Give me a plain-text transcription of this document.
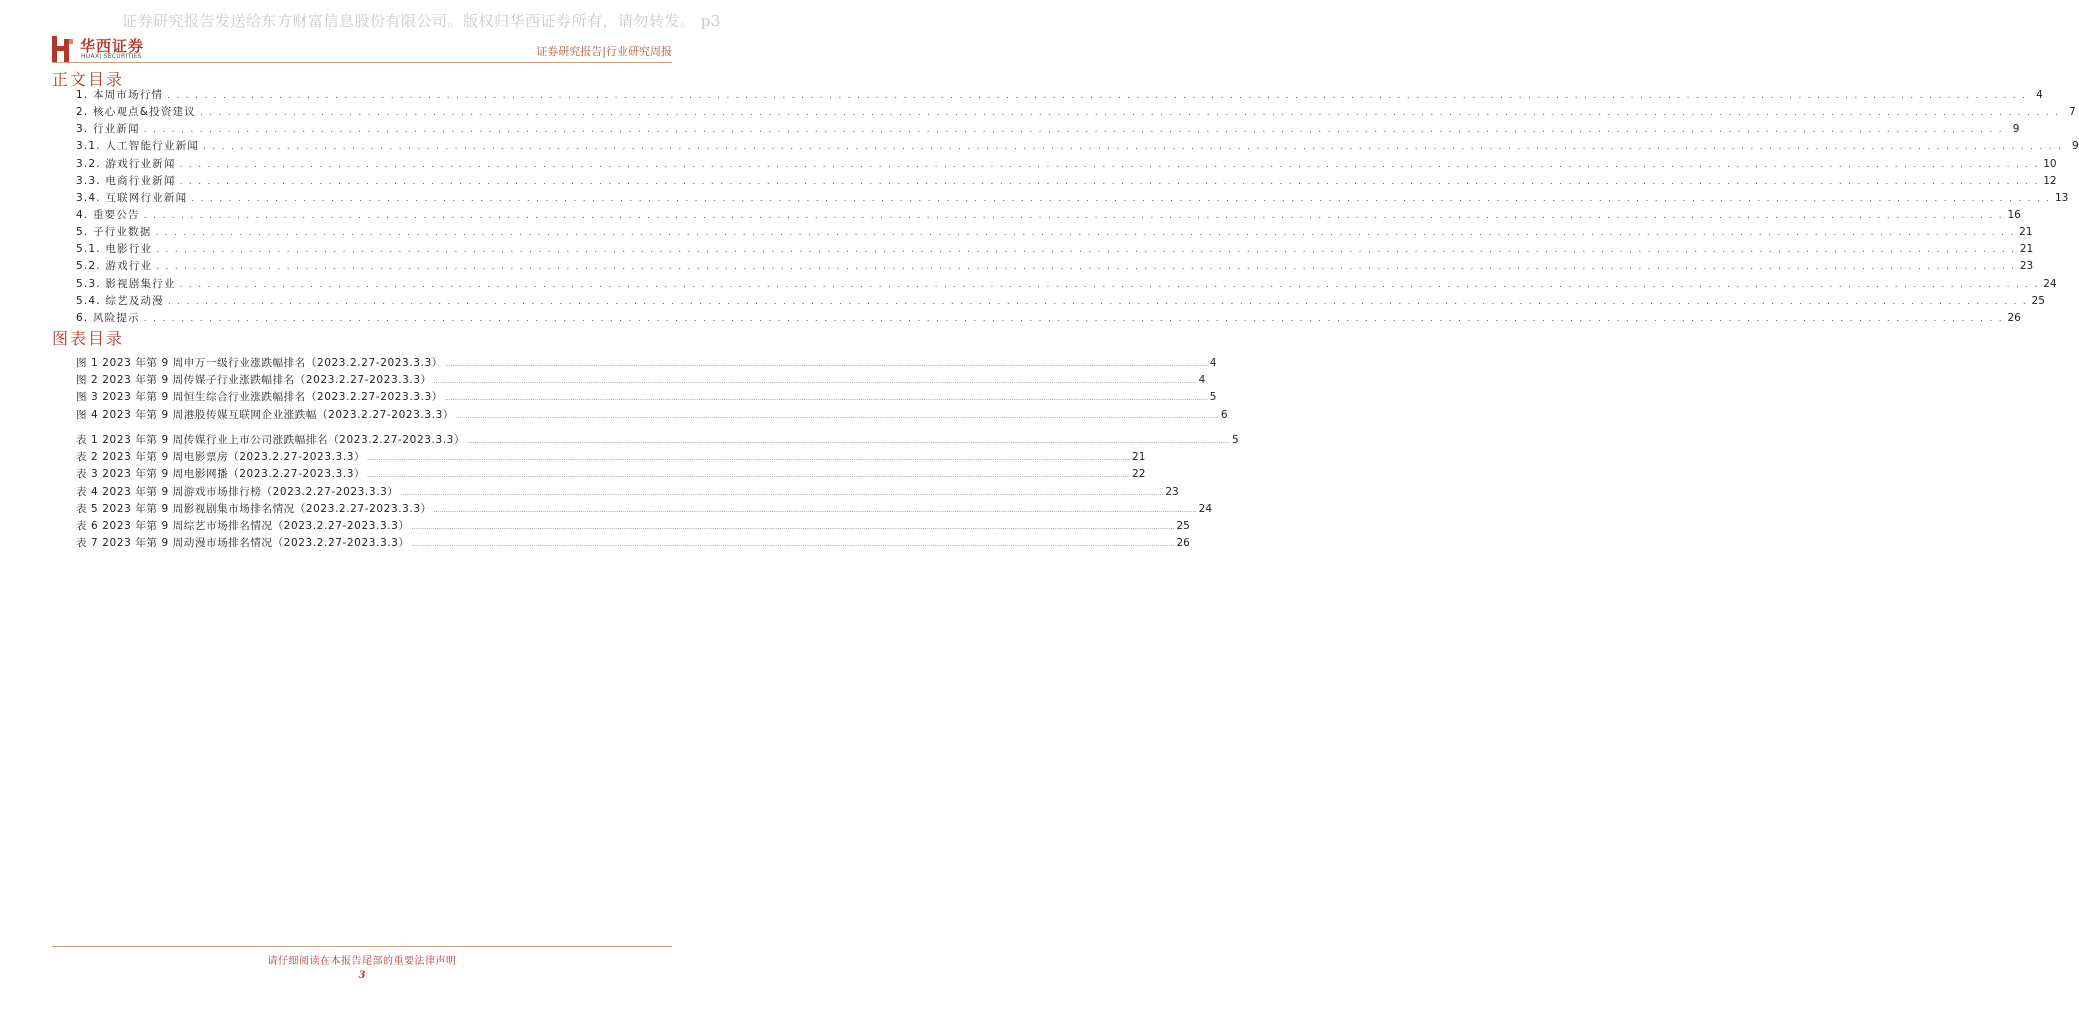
证券研究报告发送给东方财富信息股份有限公司。版权归华西证券所有，请勿转发。 p3
华西证券
HUAXI SECURITIES	证券研究报告|行业研究周报
正文目录
1. 本周市场行情 . . . . . . . . . . . . . . . . . . . . . . . . . . . . . . . . . . . . . . . . . . . . . . . . . . . . . . . . . . . . . . . . . . . . . . . . . . . . . . . . . . . . . . . . . . . . . . . . . . . . . . . . . . . . . . . . . . . . . . . . . . . . . . . . . . . . . . . . . . . . . . . . . . . . . . . . . . . . . . . . . . . . . . . . . . . . . . . . . . . . . . . . . . . . . . . . . . . . . . . . 4
2. 核心观点&投资建议 . . . . . . . . . . . . . . . . . . . . . . . . . . . . . . . . . . . . . . . . . . . . . . . . . . . . . . . . . . . . . . . . . . . . . . . . . . . . . . . . . . . . . . . . . . . . . . . . . . . . . . . . . . . . . . . . . . . . . . . . . . . . . . . . . . . . . . . . . . . . . . . . . . . . . . . . . . . . . . . . . . . . . . . . . . . . . . . . . . . . . . . . . . . . . . . . . . . . . . . . 7
3. 行业新闻 . . . . . . . . . . . . . . . . . . . . . . . . . . . . . . . . . . . . . . . . . . . . . . . . . . . . . . . . . . . . . . . . . . . . . . . . . . . . . . . . . . . . . . . . . . . . . . . . . . . . . . . . . . . . . . . . . . . . . . . . . . . . . . . . . . . . . . . . . . . . . . . . . . . . . . . . . . . . . . . . . . . . . . . . . . . . . . . . . . . . . . . . . . . . . . . . . . . . . . . . 9
3.1. 人工智能行业新闻 . . . . . . . . . . . . . . . . . . . . . . . . . . . . . . . . . . . . . . . . . . . . . . . . . . . . . . . . . . . . . . . . . . . . . . . . . . . . . . . . . . . . . . . . . . . . . . . . . . . . . . . . . . . . . . . . . . . . . . . . . . . . . . . . . . . . . . . . . . . . . . . . . . . . . . . . . . . . . . . . . . . . . . . . . . . . . . . . . . . . . . . . . . . . . . . . . . . . . . . . 9
3.2. 游戏行业新闻 . . . . . . . . . . . . . . . . . . . . . . . . . . . . . . . . . . . . . . . . . . . . . . . . . . . . . . . . . . . . . . . . . . . . . . . . . . . . . . . . . . . . . . . . . . . . . . . . . . . . . . . . . . . . . . . . . . . . . . . . . . . . . . . . . . . . . . . . . . . . . . . . . . . . . . . . . . . . . . . . . . . . . . . . . . . . . . . . . . . . . . . . . . . . . . . . . . . . . . . . 10
3.3. 电商行业新闻 . . . . . . . . . . . . . . . . . . . . . . . . . . . . . . . . . . . . . . . . . . . . . . . . . . . . . . . . . . . . . . . . . . . . . . . . . . . . . . . . . . . . . . . . . . . . . . . . . . . . . . . . . . . . . . . . . . . . . . . . . . . . . . . . . . . . . . . . . . . . . . . . . . . . . . . . . . . . . . . . . . . . . . . . . . . . . . . . . . . . . . . . . . . . . . . . . . . . . . . . 12
3.4. 互联网行业新闻 . . . . . . . . . . . . . . . . . . . . . . . . . . . . . . . . . . . . . . . . . . . . . . . . . . . . . . . . . . . . . . . . . . . . . . . . . . . . . . . . . . . . . . . . . . . . . . . . . . . . . . . . . . . . . . . . . . . . . . . . . . . . . . . . . . . . . . . . . . . . . . . . . . . . . . . . . . . . . . . . . . . . . . . . . . . . . . . . . . . . . . . . . . . . . . . . . . . . . . . . 13
4. 重要公告 . . . . . . . . . . . . . . . . . . . . . . . . . . . . . . . . . . . . . . . . . . . . . . . . . . . . . . . . . . . . . . . . . . . . . . . . . . . . . . . . . . . . . . . . . . . . . . . . . . . . . . . . . . . . . . . . . . . . . . . . . . . . . . . . . . . . . . . . . . . . . . . . . . . . . . . . . . . . . . . . . . . . . . . . . . . . . . . . . . . . . . . . . . . . . . . . . . . . . . . . 16
5. 子行业数据 . . . . . . . . . . . . . . . . . . . . . . . . . . . . . . . . . . . . . . . . . . . . . . . . . . . . . . . . . . . . . . . . . . . . . . . . . . . . . . . . . . . . . . . . . . . . . . . . . . . . . . . . . . . . . . . . . . . . . . . . . . . . . . . . . . . . . . . . . . . . . . . . . . . . . . . . . . . . . . . . . . . . . . . . . . . . . . . . . . . . . . . . . . . . . . . . . . . . . . . . 21
5.1. 电影行业 . . . . . . . . . . . . . . . . . . . . . . . . . . . . . . . . . . . . . . . . . . . . . . . . . . . . . . . . . . . . . . . . . . . . . . . . . . . . . . . . . . . . . . . . . . . . . . . . . . . . . . . . . . . . . . . . . . . . . . . . . . . . . . . . . . . . . . . . . . . . . . . . . . . . . . . . . . . . . . . . . . . . . . . . . . . . . . . . . . . . . . . . . . . . . . . . . . . . . . . . 21
5.2. 游戏行业 . . . . . . . . . . . . . . . . . . . . . . . . . . . . . . . . . . . . . . . . . . . . . . . . . . . . . . . . . . . . . . . . . . . . . . . . . . . . . . . . . . . . . . . . . . . . . . . . . . . . . . . . . . . . . . . . . . . . . . . . . . . . . . . . . . . . . . . . . . . . . . . . . . . . . . . . . . . . . . . . . . . . . . . . . . . . . . . . . . . . . . . . . . . . . . . . . . . . . . . . 23
5.3. 影视剧集行业 . . . . . . . . . . . . . . . . . . . . . . . . . . . . . . . . . . . . . . . . . . . . . . . . . . . . . . . . . . . . . . . . . . . . . . . . . . . . . . . . . . . . . . . . . . . . . . . . . . . . . . . . . . . . . . . . . . . . . . . . . . . . . . . . . . . . . . . . . . . . . . . . . . . . . . . . . . . . . . . . . . . . . . . . . . . . . . . . . . . . . . . . . . . . . . . . . . . . . . . . 24
5.4. 综艺及动漫 . . . . . . . . . . . . . . . . . . . . . . . . . . . . . . . . . . . . . . . . . . . . . . . . . . . . . . . . . . . . . . . . . . . . . . . . . . . . . . . . . . . . . . . . . . . . . . . . . . . . . . . . . . . . . . . . . . . . . . . . . . . . . . . . . . . . . . . . . . . . . . . . . . . . . . . . . . . . . . . . . . . . . . . . . . . . . . . . . . . . . . . . . . . . . . . . . . . . . . . . 25
6. 风险提示 . . . . . . . . . . . . . . . . . . . . . . . . . . . . . . . . . . . . . . . . . . . . . . . . . . . . . . . . . . . . . . . . . . . . . . . . . . . . . . . . . . . . . . . . . . . . . . . . . . . . . . . . . . . . . . . . . . . . . . . . . . . . . . . . . . . . . . . . . . . . . . . . . . . . . . . . . . . . . . . . . . . . . . . . . . . . . . . . . . . . . . . . . . . . . . . . . . . . . . . . 26
图表目录
图 1 2023 年第 9 周申万一级行业涨跌幅排名（2023.2.27-2023.3.3） ................................................................................................................................................................................................................................................................................................................................................................................................................ 4
图 2 2023 年第 9 周传媒子行业涨跌幅排名（2023.2.27-2023.3.3） ................................................................................................................................................................................................................................................................................................................................................................................................................ 4
图 3 2023 年第 9 周恒生综合行业涨跌幅排名（2023.2.27-2023.3.3） ................................................................................................................................................................................................................................................................................................................................................................................................................ 5
图 4 2023 年第 9 周港股传媒互联网企业涨跌幅（2023.2.27-2023.3.3） ................................................................................................................................................................................................................................................................................................................................................................................................................ 6
表 1 2023 年第 9 周传媒行业上市公司涨跌幅排名（2023.2.27-2023.3.3） ................................................................................................................................................................................................................................................................................................................................................................................................................ 5
表 2 2023 年第 9 周电影票房（2023.2.27-2023.3.3） ................................................................................................................................................................................................................................................................................................................................................................................................................ 21
表 3 2023 年第 9 周电影网播（2023.2.27-2023.3.3） ................................................................................................................................................................................................................................................................................................................................................................................................................ 22
表 4 2023 年第 9 周游戏市场排行榜（2023.2.27-2023.3.3） ................................................................................................................................................................................................................................................................................................................................................................................................................ 23
表 5 2023 年第 9 周影视剧集市场排名情况（2023.2.27-2023.3.3） ................................................................................................................................................................................................................................................................................................................................................................................................................ 24
表 6 2023 年第 9 周综艺市场排名情况（2023.2.27-2023.3.3） ................................................................................................................................................................................................................................................................................................................................................................................................................ 25
表 7 2023 年第 9 周动漫市场排名情况（2023.2.27-2023.3.3） ................................................................................................................................................................................................................................................................................................................................................................................................................ 26
请仔细阅读在本报告尾部的重要法律声明
3
